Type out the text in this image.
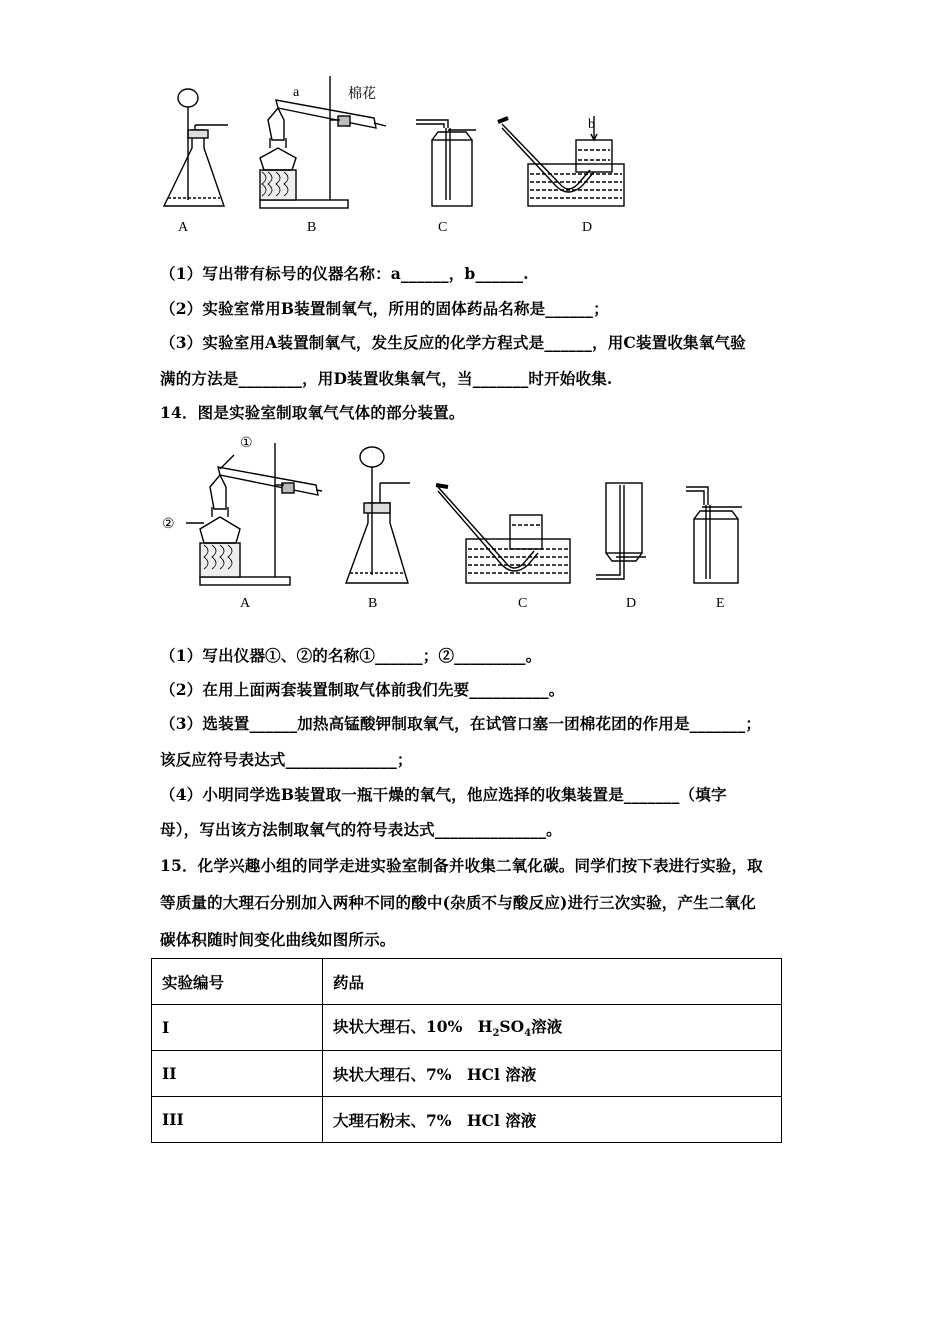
A	B	C	D
a
b
棉花
（1）写出带有标号的仪器名称：a______，b______.
（2）实验室常用B装置制氧气，所用的固体药品名称是______；
（3）实验室用A装置制氧气，发生反应的化学方程式是______，用C装置收集氧气验
满的方法是________，用D装置收集氧气，当_______时开始收集.
14．图是实验室制取氧气气体的部分装置。
①
②
A	B	C	D	E
（1）写出仪器①、②的名称①______；②_________。
（2）在用上面两套装置制取气体前我们先要__________。
（3）选装置______加热高锰酸钾制取氧气，在试管口塞一团棉花团的作用是_______；
该反应符号表达式______________；
（4）小明同学选B装置取一瓶干燥的氧气，他应选择的收集装置是_______（填字
母），写出该方法制取氧气的符号表达式______________。
15．化学兴趣小组的同学走进实验室制备并收集二氧化碳。同学们按下表进行实验，取
等质量的大理石分别加入两种不同的酸中(杂质不与酸反应)进行三次实验，产生二氧化
碳体积随时间变化曲线如图所示。
实验编号	药品
I	块状大理石、10%　$H_2SO_4$溶液
II	块状大理石、7%　HCl 溶液
III	大理石粉末、7%　HCl 溶液
